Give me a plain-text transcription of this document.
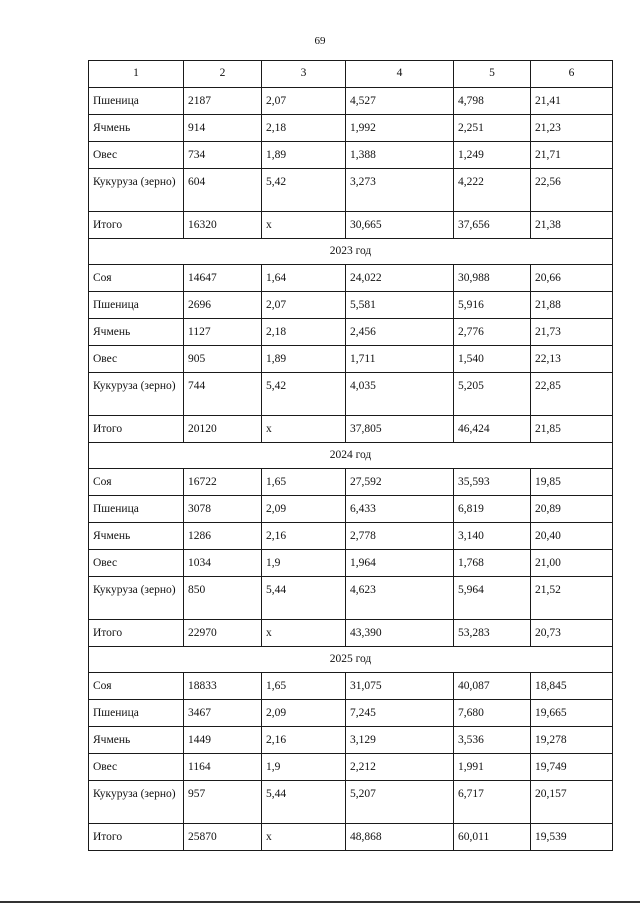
69
1	2	3	4	5	6
Пшеница	2187	2,07	4,527	4,798	21,41
Ячмень	914	2,18	1,992	2,251	21,23
Овес	734	1,89	1,388	1,249	21,71
Кукуруза (зерно)	604	5,42	3,273	4,222	22,56
Итого	16320	х	30,665	37,656	21,38
2023 год					
Соя	14647	1,64	24,022	30,988	20,66
Пшеница	2696	2,07	5,581	5,916	21,88
Ячмень	1127	2,18	2,456	2,776	21,73
Овес	905	1,89	1,711	1,540	22,13
Кукуруза (зерно)	744	5,42	4,035	5,205	22,85
Итого	20120	х	37,805	46,424	21,85
2024 год					
Соя	16722	1,65	27,592	35,593	19,85
Пшеница	3078	2,09	6,433	6,819	20,89
Ячмень	1286	2,16	2,778	3,140	20,40
Овес	1034	1,9	1,964	1,768	21,00
Кукуруза (зерно)	850	5,44	4,623	5,964	21,52
Итого	22970	х	43,390	53,283	20,73
2025 год					
Соя	18833	1,65	31,075	40,087	18,845
Пшеница	3467	2,09	7,245	7,680	19,665
Ячмень	1449	2,16	3,129	3,536	19,278
Овес	1164	1,9	2,212	1,991	19,749
Кукуруза (зерно)	957	5,44	5,207	6,717	20,157
Итого	25870	х	48,868	60,011	19,539
